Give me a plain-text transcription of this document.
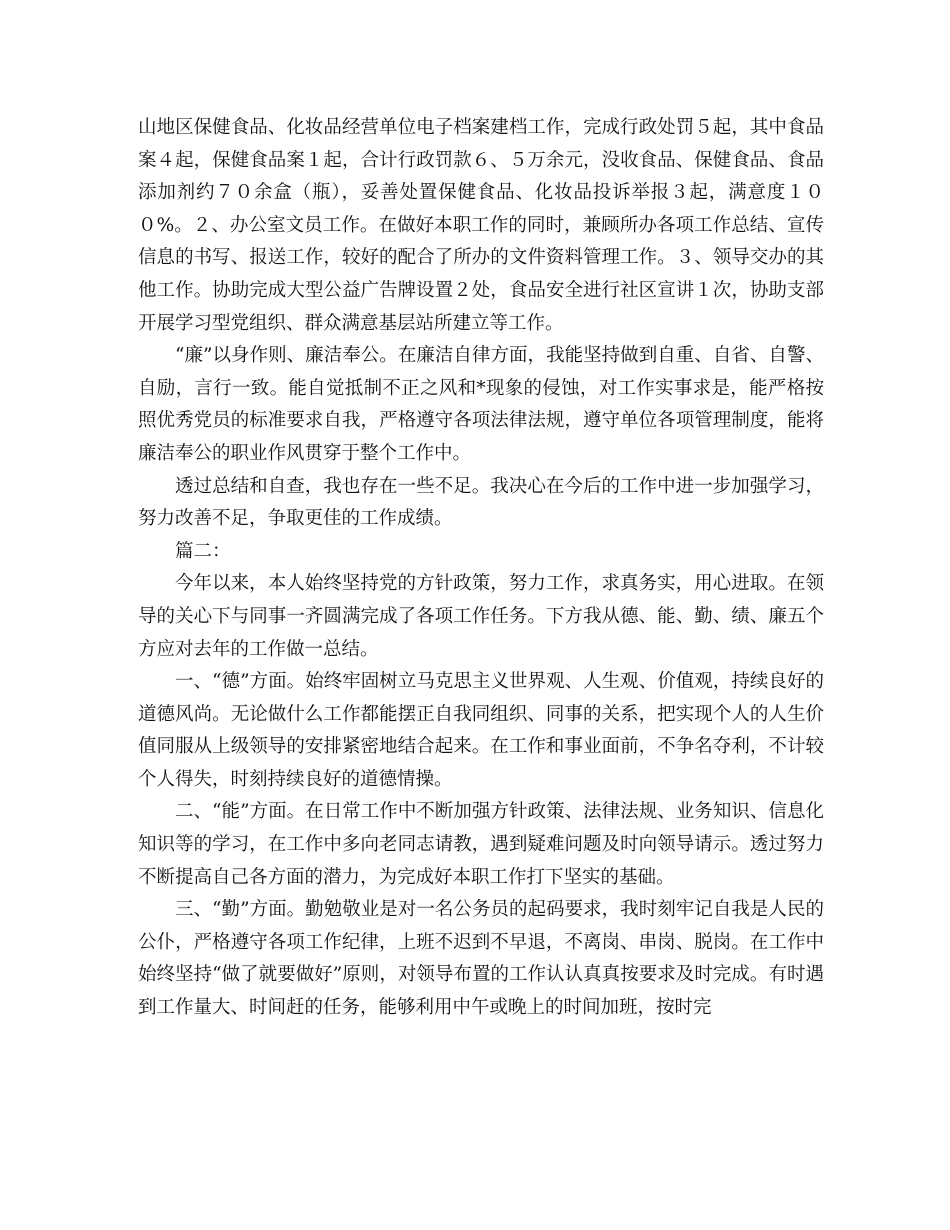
山地区保健食品、化妆品经营单位电子档案建档工作，完成行政处罚５起，其中食品案４起，保健食品案１起，合计行政罚款６、５万余元，没收食品、保健食品、食品添加剂约７０余盒（瓶），妥善处置保健食品、化妆品投诉举报３起，满意度１００%。２、办公室文员工作。在做好本职工作的同时，兼顾所办各项工作总结、宣传信息的书写、报送工作，较好的配合了所办的文件资料管理工作。３、领导交办的其他工作。协助完成大型公益广告牌设置２处，食品安全进行社区宣讲１次，协助支部开展学习型党组织、群众满意基层站所建立等工作。

“廉”以身作则、廉洁奉公。在廉洁自律方面，我能坚持做到自重、自省、自警、自励，言行一致。能自觉抵制不正之风和*现象的侵蚀，对工作实事求是，能严格按照优秀党员的标准要求自我，严格遵守各项法律法规，遵守单位各项管理制度，能将廉洁奉公的职业作风贯穿于整个工作中。

透过总结和自查，我也存在一些不足。我决心在今后的工作中进一步加强学习，努力改善不足，争取更佳的工作成绩。

篇二：

今年以来，本人始终坚持党的方针政策，努力工作，求真务实，用心进取。在领导的关心下与同事一齐圆满完成了各项工作任务。下方我从德、能、勤、绩、廉五个方应对去年的工作做一总结。

一、“德”方面。始终牢固树立马克思主义世界观、人生观、价值观，持续良好的道德风尚。无论做什么工作都能摆正自我同组织、同事的关系，把实现个人的人生价值同服从上级领导的安排紧密地结合起来。在工作和事业面前，不争名夺利，不计较个人得失，时刻持续良好的道德情操。

二、“能”方面。在日常工作中不断加强方针政策、法律法规、业务知识、信息化知识等的学习，在工作中多向老同志请教，遇到疑难问题及时向领导请示。透过努力不断提高自己各方面的潜力，为完成好本职工作打下坚实的基础。

三、“勤”方面。勤勉敬业是对一名公务员的起码要求，我时刻牢记自我是人民的公仆，严格遵守各项工作纪律，上班不迟到不早退，不离岗、串岗、脱岗。在工作中始终坚持“做了就要做好”原则，对领导布置的工作认认真真按要求及时完成。有时遇到工作量大、时间赶的任务，能够利用中午或晚上的时间加班，按时完
